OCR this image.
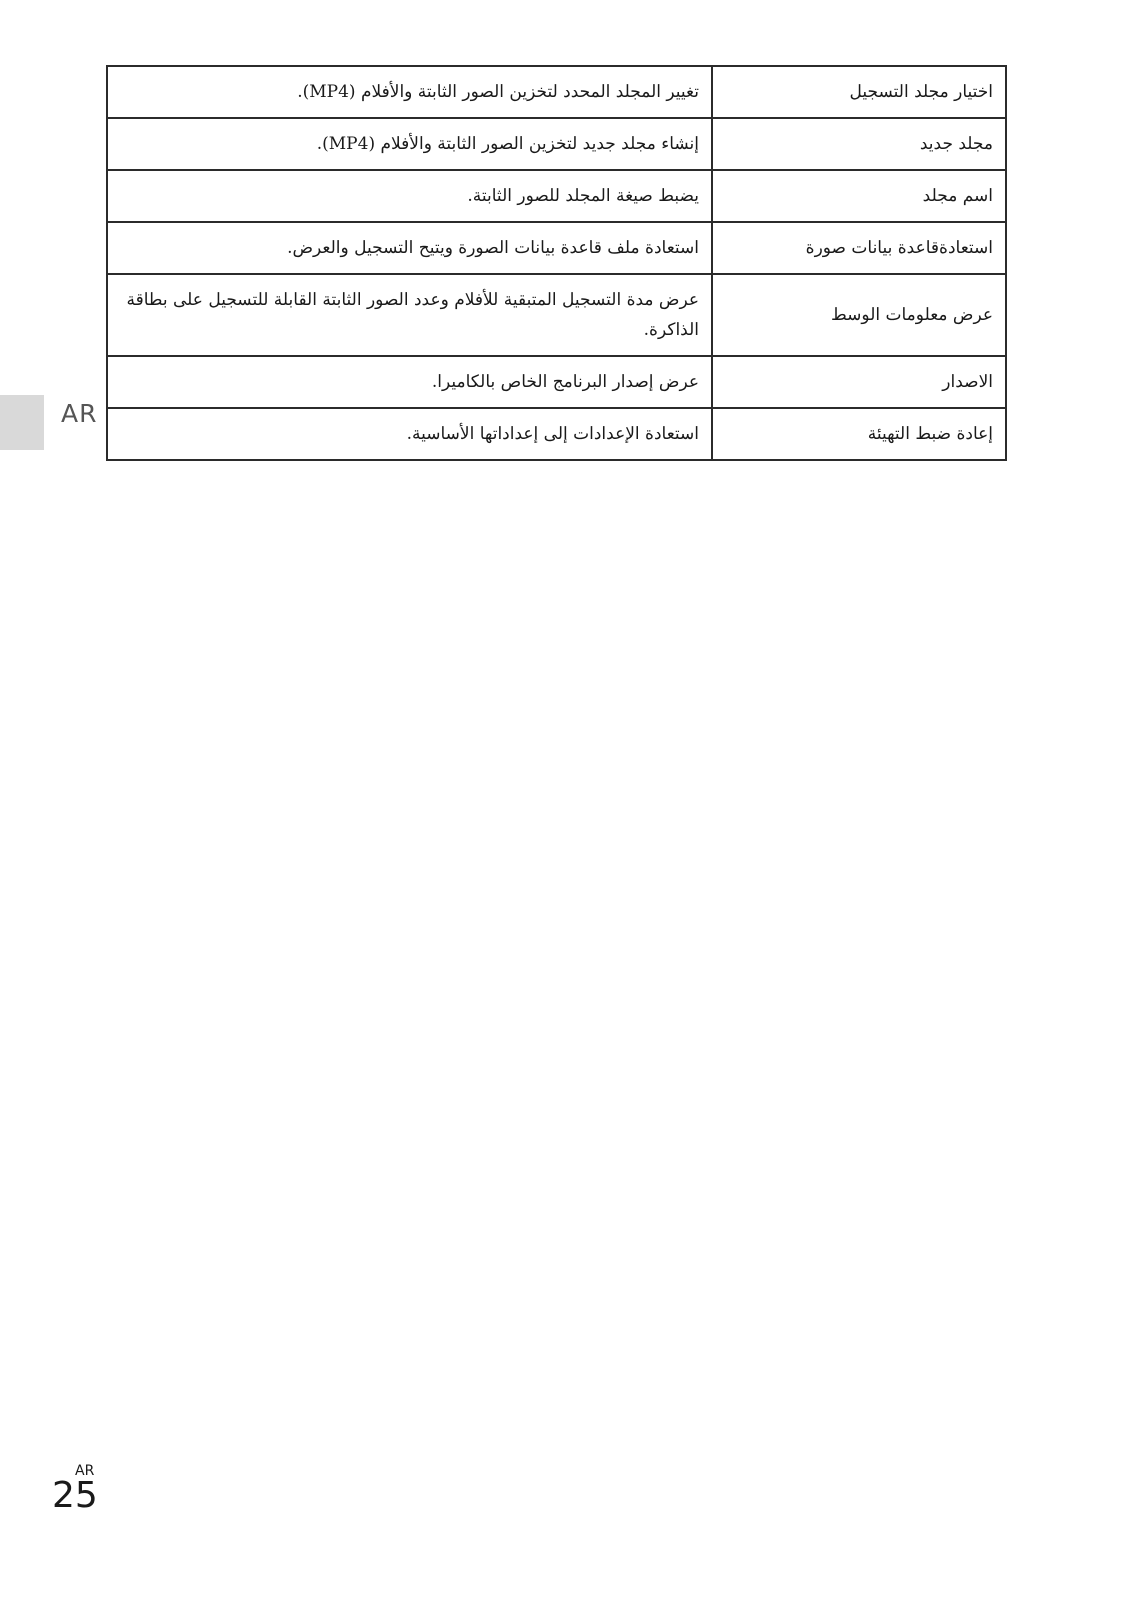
اختيار مجلد التسجيل	تغيير المجلد المحدد لتخزين الصور الثابتة والأفلام (MP4).
مجلد جديد	إنشاء مجلد جديد لتخزين الصور الثابتة والأفلام (MP4).
اسم مجلد	يضبط صيغة المجلد للصور الثابتة.
استعادةقاعدة بيانات صورة	استعادة ملف قاعدة بيانات الصورة ويتيح التسجيل والعرض.
عرض معلومات الوسط	عرض مدة التسجيل المتبقية للأفلام وعدد الصور الثابتة القابلة للتسجيل على بطاقة الذاكرة.
الاصدار	عرض إصدار البرنامج الخاص بالكاميرا.
إعادة ضبط التهيئة	استعادة الإعدادات إلى إعداداتها الأساسية.
AR
AR
25
